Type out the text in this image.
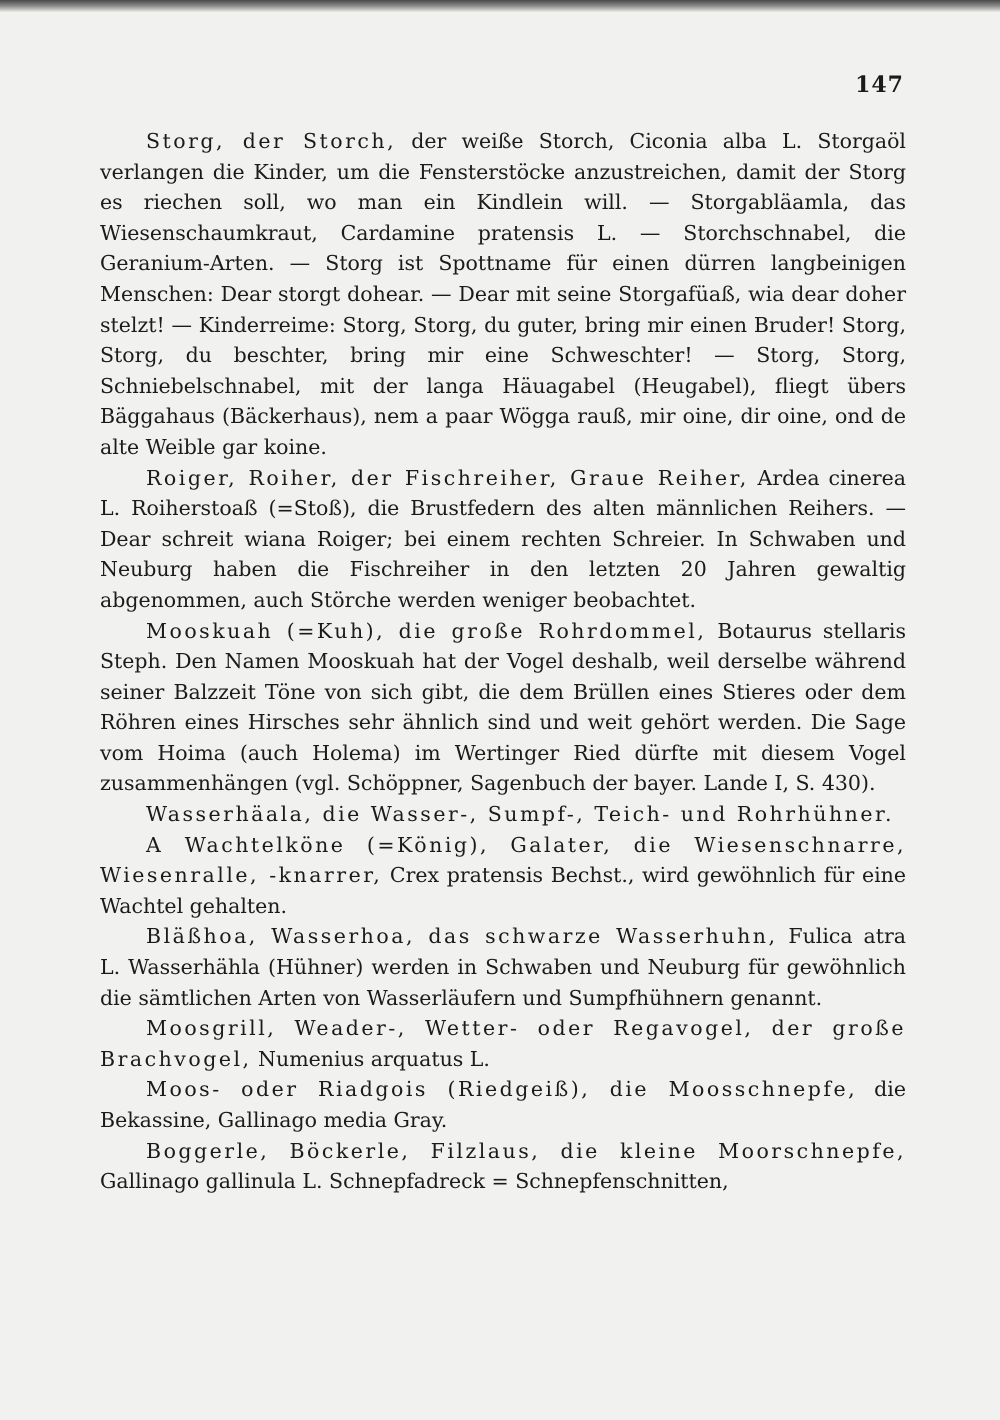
147

Storg, der Storch, der weiße Storch, Ciconia alba L. Storgaöl verlangen die Kinder, um die Fensterstöcke anzustreichen, damit der Storg es riechen soll, wo man ein Kindlein will. — Storgabläamla, das Wiesenschaumkraut, Cardamine pratensis L. — Storchschnabel, die Geranium-Arten. — Storg ist Spottname für einen dürren langbeinigen Menschen: Dear storgt dohear. — Dear mit seine Storgafüaß, wia dear doher stelzt! — Kinderreime: Storg, Storg, du guter, bring mir einen Bruder! Storg, Storg, du beschter, bring mir eine Schweschter! — Storg, Storg, Schniebelschnabel, mit der langa Häuagabel (Heugabel), fliegt übers Bäggahaus (Bäckerhaus), nem a paar Wögga rauß, mir oine, dir oine, ond de alte Weible gar koine.

Roiger, Roiher, der Fischreiher, Graue Reiher, Ardea cinerea L. Roiherstoaß (=Stoß), die Brustfedern des alten männlichen Reihers. — Dear schreit wiana Roiger; bei einem rechten Schreier. In Schwaben und Neuburg haben die Fischreiher in den letzten 20 Jahren gewaltig abgenommen, auch Störche werden weniger beobachtet.

Mooskuah (=Kuh), die große Rohrdommel, Botaurus stellaris Steph. Den Namen Mooskuah hat der Vogel deshalb, weil derselbe während seiner Balzzeit Töne von sich gibt, die dem Brüllen eines Stieres oder dem Röhren eines Hirsches sehr ähnlich sind und weit gehört werden. Die Sage vom Hoima (auch Holema) im Wertinger Ried dürfte mit diesem Vogel zusammenhängen (vgl. Schöppner, Sagenbuch der bayer. Lande I, S. 430).

Wasserhäala, die Wasser-, Sumpf-, Teich- und Rohrhühner.

A Wachtelköne (=König), Galater, die Wiesenschnarre, Wiesenralle, -knarrer, Crex pratensis Bechst., wird gewöhnlich für eine Wachtel gehalten.

Bläßhoa, Wasserhoa, das schwarze Wasserhuhn, Fulica atra L. Wasserhähla (Hühner) werden in Schwaben und Neuburg für gewöhnlich die sämtlichen Arten von Wasserläufern und Sumpfhühnern genannt.

Moosgrill, Weader-, Wetter- oder Regavogel, der große Brachvogel, Numenius arquatus L.

Moos- oder Riadgois (Riedgeiß), die Moosschnepfe, die Bekassine, Gallinago media Gray.

Boggerle, Böckerle, Filzlaus, die kleine Moorschnepfe, Gallinago gallinula L. Schnepfadreck = Schnepfenschnitten,
